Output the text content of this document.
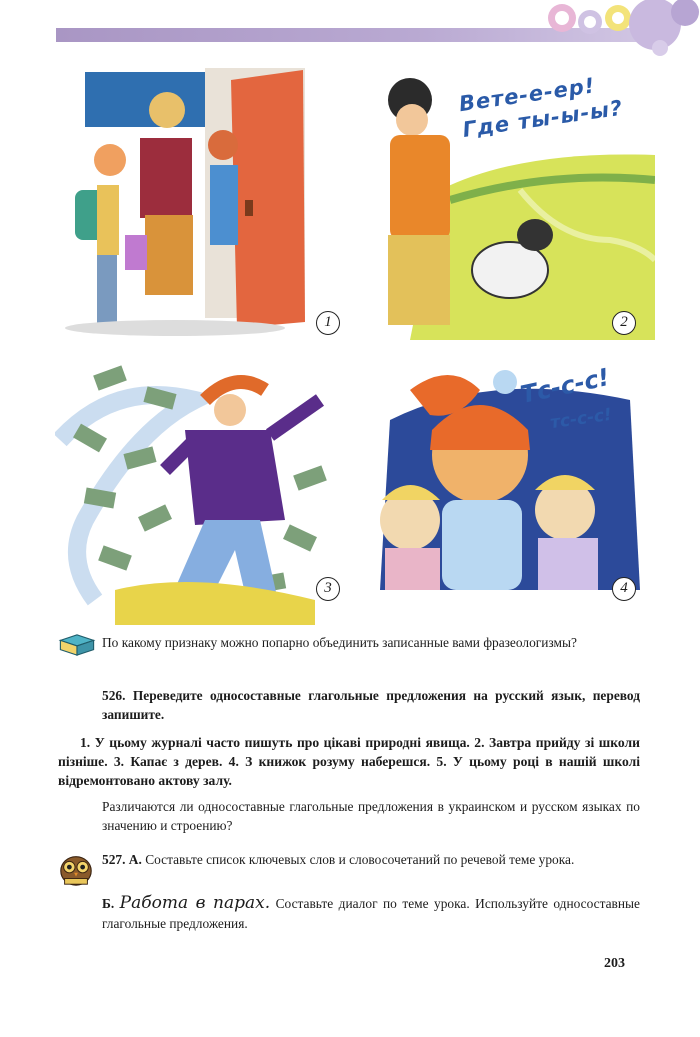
1
Вете-е-ер! Где ты-ы-ы?
2
3
Тс-с-с!
тс-с-с!
4

По какому признаку можно попарно объединить записанные вами фразеологизмы?

526. Переведите односоставные глагольные предложения на русский язык, перевод запишите.

1. У цьому журналі часто пишуть про цікаві природні явища. 2. Завтра прийду зі школи пізніше. 3. Капає з дерев. 4. З книжок розуму наберешся. 5. У цьому році в нашій школі відремонтовано актову залу.

Различаются ли односоставные глагольные предложения в украинском и русском языках по значению и строению?

527. А. Составьте список ключевых слов и словосочетаний по речевой теме урока.

Б. Работа в парах. Составьте диалог по теме урока. Используйте односоставные глагольные предложения.

203
